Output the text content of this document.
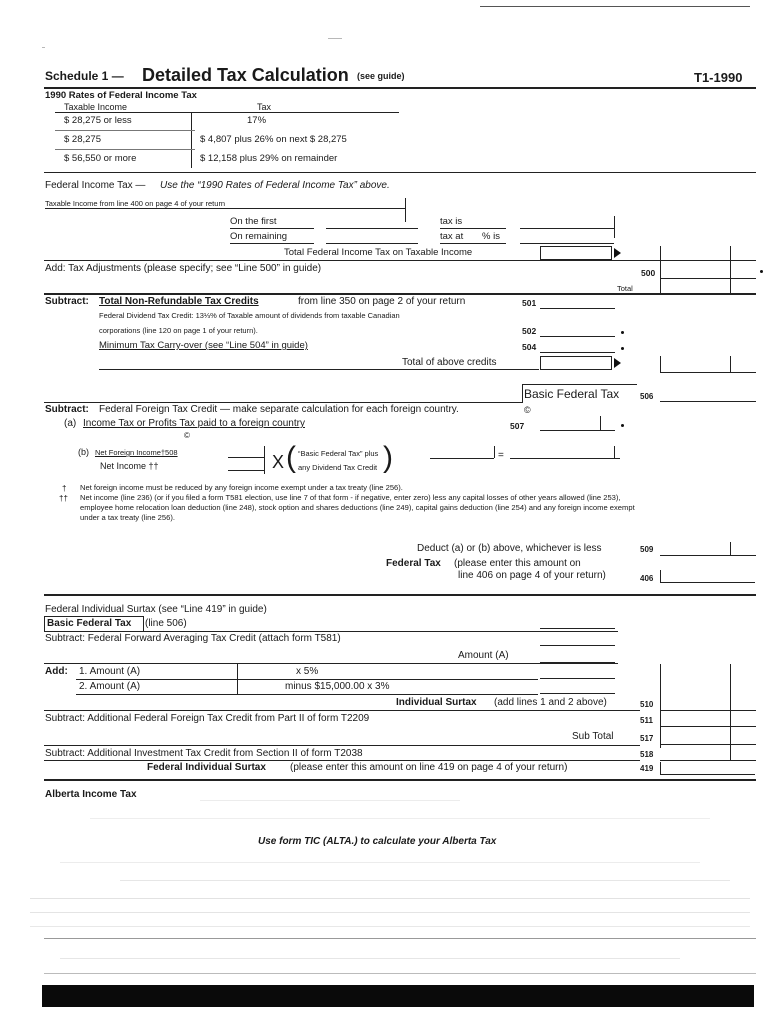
Schedule 1 — Detailed Tax Calculation (see guide)	T1-1990
1990 Rates of Federal Income Tax
Taxable Income	Tax
$ 28,275 or less	17%
$ 28,275	$ 4,807 plus 26% on next $ 28,275
$ 56,550 or more	$ 12,158 plus 29% on remainder
Federal Income Tax — Use the “1990 Rates of Federal Income Tax” above.
Taxable Income from line 400 on page 4 of your return
On the first	tax is
On remaining	tax at % is
Total Federal Income Tax on Taxable Income
Add: Tax Adjustments (please specify; see “Line 500” in guide)	500
Total
Subtract: Total Non-Refundable Tax Credits	from line 350 on page 2 of your return	501
Federal Dividend Tax Credit: 13⅓% of Taxable amount of dividends from taxable Canadian
corporations (line 120 on page 1 of your return).	502
Minimum Tax Carry-over (see “Line 504” in guide)	504
Total of above credits
Basic Federal Tax	506
Subtract: Federal Foreign Tax Credit — make separate calculation for each foreign country.	©
(a) Income Tax or Profits Tax paid to a foreign country	507
©
(b) Net Foreign Income†508
Net Income ††	X ( “Basic Federal Tax” plus
any Dividend Tax Credit )	=
† Net foreign income must be reduced by any foreign income exempt under a tax treaty (line 256).
†† Net income (line 236) (or if you filed a form T581 election, use line 7 of that form - if negative, enter zero) less any capital losses of other years allowed (line 253), employee home relocation loan deduction (line 248), stock option and shares deductions (line 249), capital gains deduction (line 254) and any foreign income exempt under a tax treaty (line 256).
Deduct (a) or (b) above, whichever is less	509
Federal Tax (please enter this amount on
line 406 on page 4 of your return)	406
Federal Individual Surtax (see “Line 419” in guide)
Basic Federal Tax (line 506)
Subtract: Federal Forward Averaging Tax Credit (attach form T581)
Amount (A)
Add: 1. Amount (A)	x 5%
2. Amount (A)	minus $15,000.00 x 3%
Individual Surtax (add lines 1 and 2 above)	510
Subtract: Additional Federal Foreign Tax Credit from Part II of form T2209	511
Sub Total	517
Subtract: Additional Investment Tax Credit from Section II of form T2038	518
Federal Individual Surtax (please enter this amount on line 419 on page 4 of your return)	419
Alberta Income Tax
Use form TIC (ALTA.) to calculate your Alberta Tax
